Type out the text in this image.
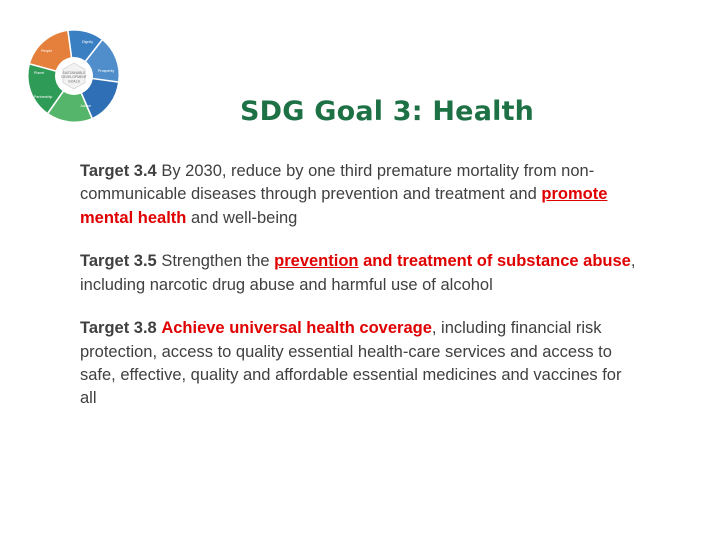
SUSTAINABLE
DEVELOPMENT
GOALS
People
Dignity
Prosperity
Justice
Partnership
Planet
SDG Goal 3: Health
Target 3.4 By 2030, reduce by one third premature mortality from non-communicable diseases through prevention and treatment and promote mental health and well-being
Target 3.5 Strengthen the prevention and treatment of substance abuse, including narcotic drug abuse and harmful use of alcohol
Target 3.8 Achieve universal health coverage, including financial risk protection, access to quality essential health-care services and access to safe, effective, quality and affordable essential medicines and vaccines for all
